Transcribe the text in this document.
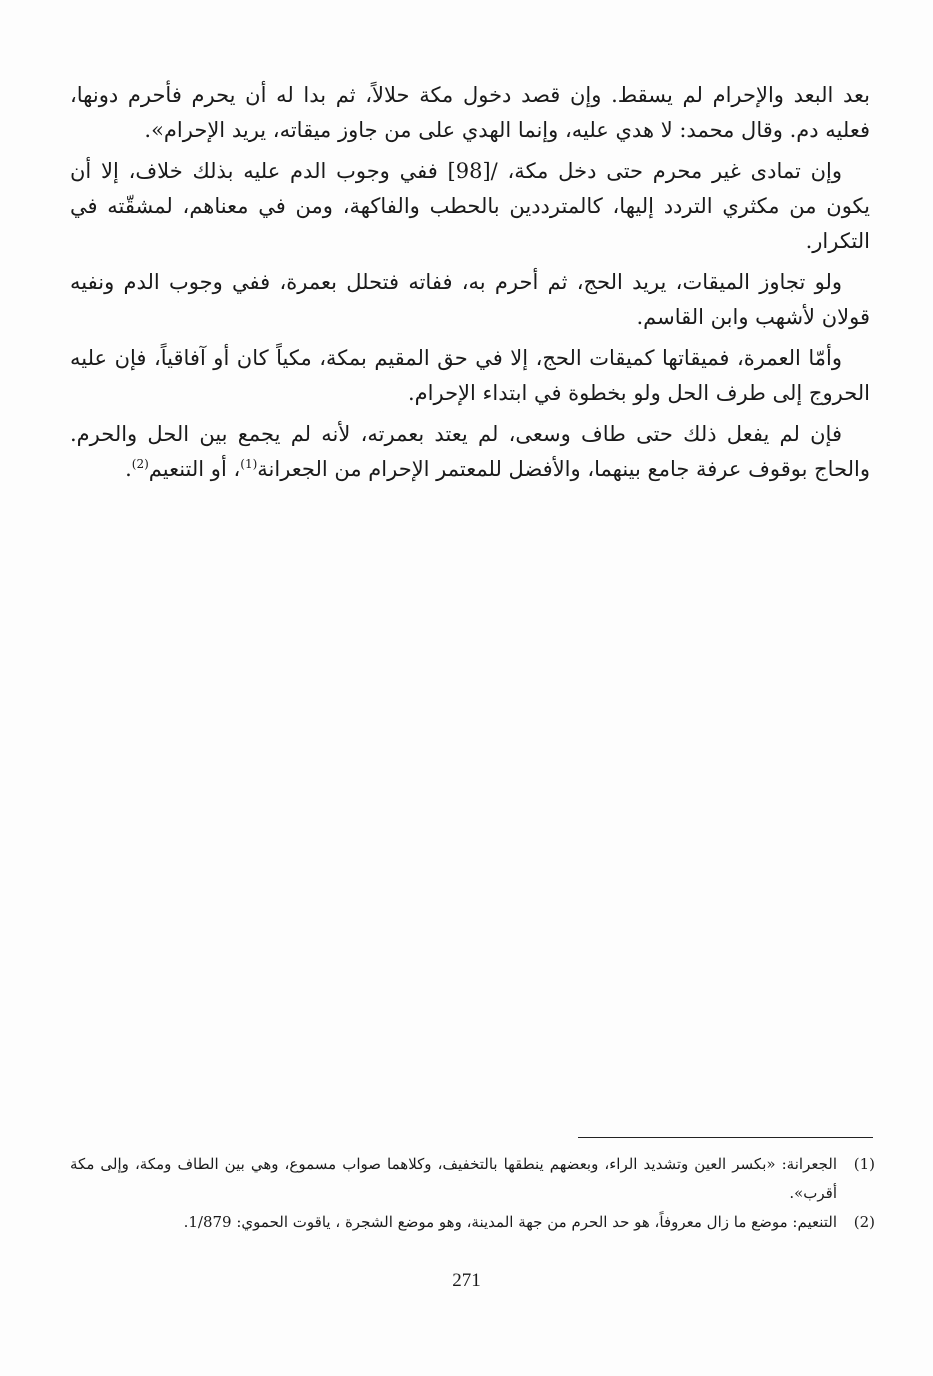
بعد البعد والإحرام لم يسقط. وإن قصد دخول مكة حلالاً، ثم بدا له أن يحرم فأحرم دونها، فعليه دم. وقال محمد: لا هدي عليه، وإنما الهدي على من جاوز ميقاته، يريد الإحرام».

وإن تمادى غير محرم حتى دخل مكة، /[98] ففي وجوب الدم عليه بذلك خلاف، إلا أن يكون من مكثري التردد إليها، كالمترددين بالحطب والفاكهة، ومن في معناهم، لمشقّته في التكرار.

ولو تجاوز الميقات، يريد الحج، ثم أحرم به، ففاته فتحلل بعمرة، ففي وجوب الدم ونفيه قولان لأشهب وابن القاسم.

وأمّا العمرة، فميقاتها كميقات الحج، إلا في حق المقيم بمكة، مكياً كان أو آفاقياً، فإن عليه الحروج إلى طرف الحل ولو بخطوة في ابتداء الإحرام.

فإن لم يفعل ذلك حتى طاف وسعى، لم يعتد بعمرته، لأنه لم يجمع بين الحل والحرم. والحاج بوقوف عرفة جامع بينهما، والأفضل للمعتمر الإحرام من الجعرانة$^{(1)}$، أو التنعيم$^{(2)}$.

(1)
الجعرانة: «بكسر العين وتشديد الراء، وبعضهم ينطقها بالتخفيف، وكلاهما صواب مسموع، وهي بين الطاف ومكة، وإلى مكة أقرب».
(2)
التنعيم: موضع ما زال معروفاً، هو حد الحرم من جهة المدينة، وهو موضع الشجرة ، ياقوت الحموي: 1/879.
271
